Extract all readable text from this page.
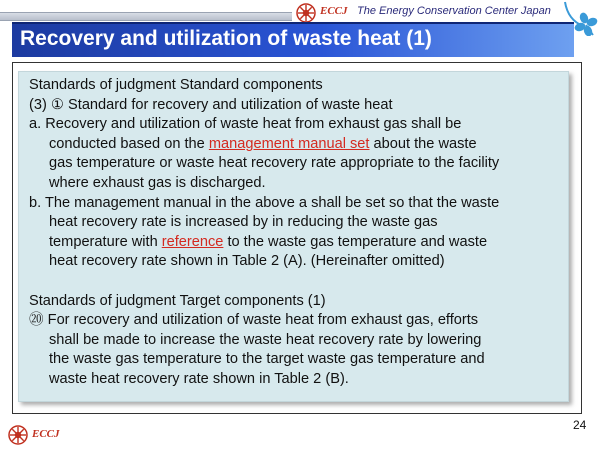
ECCJ The Energy Conservation Center Japan
Recovery and utilization of waste heat (1)
Standards of judgment Standard components
(3) ① Standard for recovery and utilization of waste heat
a. Recovery and utilization of waste heat from exhaust gas shall be
conducted based on the management manual set about the waste
gas temperature or waste heat recovery rate appropriate to the facility
where exhaust gas is discharged.
b. The management manual in the above a shall be set so that the waste
heat recovery rate is increased by in reducing the waste gas
temperature with reference to the waste gas temperature and waste
heat recovery rate shown in Table 2 (A). (Hereinafter omitted)
Standards of judgment Target components (1)
⑳ For recovery and utilization of waste heat from exhaust gas, efforts
shall be made to increase the waste heat recovery rate by lowering
the waste gas temperature to the target waste gas temperature and
waste heat recovery rate shown in Table 2 (B).
24
ECCJ
